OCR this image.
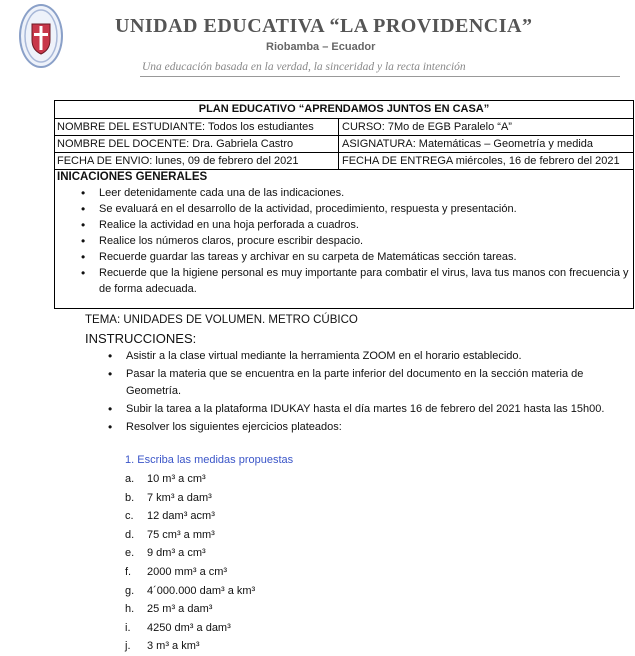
UNIDAD EDUCATIVA “LA PROVIDENCIA”
Riobamba – Ecuador
Una educación basada en la verdad, la sinceridad y la recta intención
PLAN EDUCATIVO “APRENDAMOS JUNTOS EN CASA”
NOMBRE DEL ESTUDIANTE: Todos los estudiantes	CURSO: 7Mo de EGB Paralelo “A”
NOMBRE DEL DOCENTE: Dra. Gabriela Castro	ASIGNATURA: Matemáticas – Geometría y medida
FECHA DE ENVIO: lunes, 09 de febrero del 2021	FECHA DE ENTREGA miércoles, 16 de febrero del 2021
INICACIONES GENERALES
• Leer detenidamente cada una de las indicaciones.
• Se evaluará en el desarrollo de la actividad, procedimiento, respuesta y presentación.
• Realice la actividad en una hoja perforada a cuadros.
• Realice los números claros, procure escribir despacio.
• Recuerde guardar las tareas y archivar en su carpeta de Matemáticas sección tareas.
• Recuerde que la higiene personal es muy importante para combatir el virus, lava tus manos con frecuencia y de forma adecuada.
TEMA: UNIDADES DE VOLUMEN. METRO CÚBICO
INSTRUCCIONES:
• Asistir a la clase virtual mediante la herramienta ZOOM en el horario establecido.
• Pasar la materia que se encuentra en la parte inferior del documento en la sección materia de Geometría.
• Subir la tarea a la plataforma IDUKAY hasta el día martes 16 de febrero del 2021 hasta las 15h00.
• Resolver los siguientes ejercicios plateados:
1. Escriba las medidas propuestas
a. 10 m³ a cm³
b. 7 km³ a dam³
c. 12 dam³ acm³
d. 75 cm³ a mm³
e. 9 dm³ a cm³
f. 2000 mm³ a cm³
g. 4´000.000 dam³ a km³
h. 25 m³ a dam³
i. 4250 dm³ a dam³
j. 3 m³ a km³
